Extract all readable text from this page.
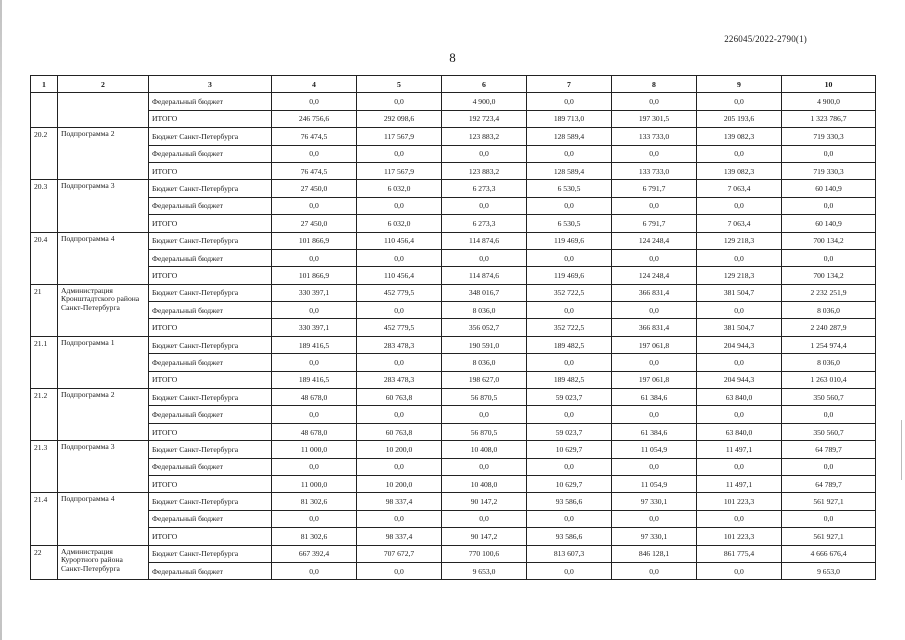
226045/2022-2790(1)
8
1	2	3	4	5	6	7	8	9	10
		Федеральный бюджет	0,0	0,0	4 900,0	0,0	0,0	0,0	4 900,0
		ИТОГО	246 756,6	292 098,6	192 723,4	189 713,0	197 301,5	205 193,6	1 323 786,7
20.2	Подпрограмма 2	Бюджет Санкт-Петербурга	76 474,5	117 567,9	123 883,2	128 589,4	133 733,0	139 082,3	719 330,3
		Федеральный бюджет	0,0	0,0	0,0	0,0	0,0	0,0	0,0
		ИТОГО	76 474,5	117 567,9	123 883,2	128 589,4	133 733,0	139 082,3	719 330,3
20.3	Подпрограмма 3	Бюджет Санкт-Петербурга	27 450,0	6 032,0	6 273,3	6 530,5	6 791,7	7 063,4	60 140,9
		Федеральный бюджет	0,0	0,0	0,0	0,0	0,0	0,0	0,0
		ИТОГО	27 450,0	6 032,0	6 273,3	6 530,5	6 791,7	7 063,4	60 140,9
20.4	Подпрограмма 4	Бюджет Санкт-Петербурга	101 866,9	110 456,4	114 874,6	119 469,6	124 248,4	129 218,3	700 134,2
		Федеральный бюджет	0,0	0,0	0,0	0,0	0,0	0,0	0,0
		ИТОГО	101 866,9	110 456,4	114 874,6	119 469,6	124 248,4	129 218,3	700 134,2
21	Администрация Кронштадтского района Санкт-Петербурга	Бюджет Санкт-Петербурга	330 397,1	452 779,5	348 016,7	352 722,5	366 831,4	381 504,7	2 232 251,9
		Федеральный бюджет	0,0	0,0	8 036,0	0,0	0,0	0,0	8 036,0
		ИТОГО	330 397,1	452 779,5	356 052,7	352 722,5	366 831,4	381 504,7	2 240 287,9
21.1	Подпрограмма 1	Бюджет Санкт-Петербурга	189 416,5	283 478,3	190 591,0	189 482,5	197 061,8	204 944,3	1 254 974,4
		Федеральный бюджет	0,0	0,0	8 036,0	0,0	0,0	0,0	8 036,0
		ИТОГО	189 416,5	283 478,3	198 627,0	189 482,5	197 061,8	204 944,3	1 263 010,4
21.2	Подпрограмма 2	Бюджет Санкт-Петербурга	48 678,0	60 763,8	56 870,5	59 023,7	61 384,6	63 840,0	350 560,7
		Федеральный бюджет	0,0	0,0	0,0	0,0	0,0	0,0	0,0
		ИТОГО	48 678,0	60 763,8	56 870,5	59 023,7	61 384,6	63 840,0	350 560,7
21.3	Подпрограмма 3	Бюджет Санкт-Петербурга	11 000,0	10 200,0	10 408,0	10 629,7	11 054,9	11 497,1	64 789,7
		Федеральный бюджет	0,0	0,0	0,0	0,0	0,0	0,0	0,0
		ИТОГО	11 000,0	10 200,0	10 408,0	10 629,7	11 054,9	11 497,1	64 789,7
21.4	Подпрограмма 4	Бюджет Санкт-Петербурга	81 302,6	98 337,4	90 147,2	93 586,6	97 330,1	101 223,3	561 927,1
		Федеральный бюджет	0,0	0,0	0,0	0,0	0,0	0,0	0,0
		ИТОГО	81 302,6	98 337,4	90 147,2	93 586,6	97 330,1	101 223,3	561 927,1
22	Администрация Курортного района Санкт-Петербурга	Бюджет Санкт-Петербурга	667 392,4	707 672,7	770 100,6	813 607,3	846 128,1	861 775,4	4 666 676,4
		Федеральный бюджет	0,0	0,0	9 653,0	0,0	0,0	0,0	9 653,0
